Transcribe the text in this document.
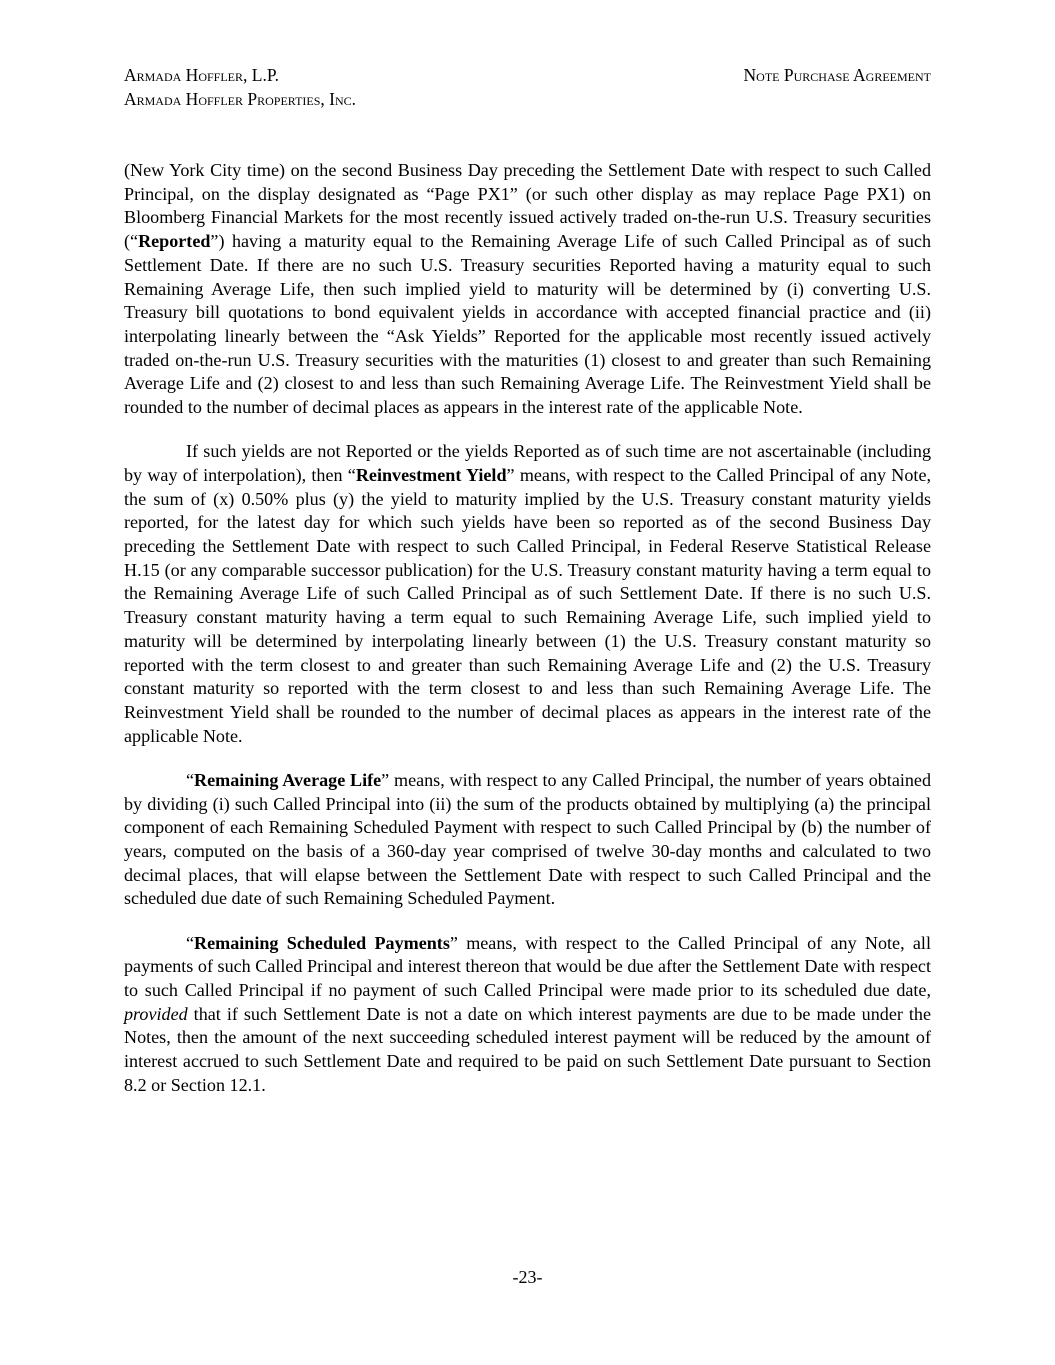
Armada Hoffler, L.P.
Armada Hoffler Properties, Inc.
Note Purchase Agreement

(New York City time) on the second Business Day preceding the Settlement Date with respect to such Called Principal, on the display designated as “Page PX1” (or such other display as may replace Page PX1) on Bloomberg Financial Markets for the most recently issued actively traded on-the-run U.S. Treasury securities (“Reported”) having a maturity equal to the Remaining Average Life of such Called Principal as of such Settlement Date. If there are no such U.S. Treasury securities Reported having a maturity equal to such Remaining Average Life, then such implied yield to maturity will be determined by (i) converting U.S. Treasury bill quotations to bond equivalent yields in accordance with accepted financial practice and (ii) interpolating linearly between the “Ask Yields” Reported for the applicable most recently issued actively traded on-the-run U.S. Treasury securities with the maturities (1) closest to and greater than such Remaining Average Life and (2) closest to and less than such Remaining Average Life. The Reinvestment Yield shall be rounded to the number of decimal places as appears in the interest rate of the applicable Note.

If such yields are not Reported or the yields Reported as of such time are not ascertainable (including by way of interpolation), then “Reinvestment Yield” means, with respect to the Called Principal of any Note, the sum of (x) 0.50% plus (y) the yield to maturity implied by the U.S. Treasury constant maturity yields reported, for the latest day for which such yields have been so reported as of the second Business Day preceding the Settlement Date with respect to such Called Principal, in Federal Reserve Statistical Release H.15 (or any comparable successor publication) for the U.S. Treasury constant maturity having a term equal to the Remaining Average Life of such Called Principal as of such Settlement Date. If there is no such U.S. Treasury constant maturity having a term equal to such Remaining Average Life, such implied yield to maturity will be determined by interpolating linearly between (1) the U.S. Treasury constant maturity so reported with the term closest to and greater than such Remaining Average Life and (2) the U.S. Treasury constant maturity so reported with the term closest to and less than such Remaining Average Life. The Reinvestment Yield shall be rounded to the number of decimal places as appears in the interest rate of the applicable Note.

“Remaining Average Life” means, with respect to any Called Principal, the number of years obtained by dividing (i) such Called Principal into (ii) the sum of the products obtained by multiplying (a) the principal component of each Remaining Scheduled Payment with respect to such Called Principal by (b) the number of years, computed on the basis of a 360-day year comprised of twelve 30-day months and calculated to two decimal places, that will elapse between the Settlement Date with respect to such Called Principal and the scheduled due date of such Remaining Scheduled Payment.

“Remaining Scheduled Payments” means, with respect to the Called Principal of any Note, all payments of such Called Principal and interest thereon that would be due after the Settlement Date with respect to such Called Principal if no payment of such Called Principal were made prior to its scheduled due date, provided that if such Settlement Date is not a date on which interest payments are due to be made under the Notes, then the amount of the next succeeding scheduled interest payment will be reduced by the amount of interest accrued to such Settlement Date and required to be paid on such Settlement Date pursuant to Section 8.2 or Section 12.1.

-23-
